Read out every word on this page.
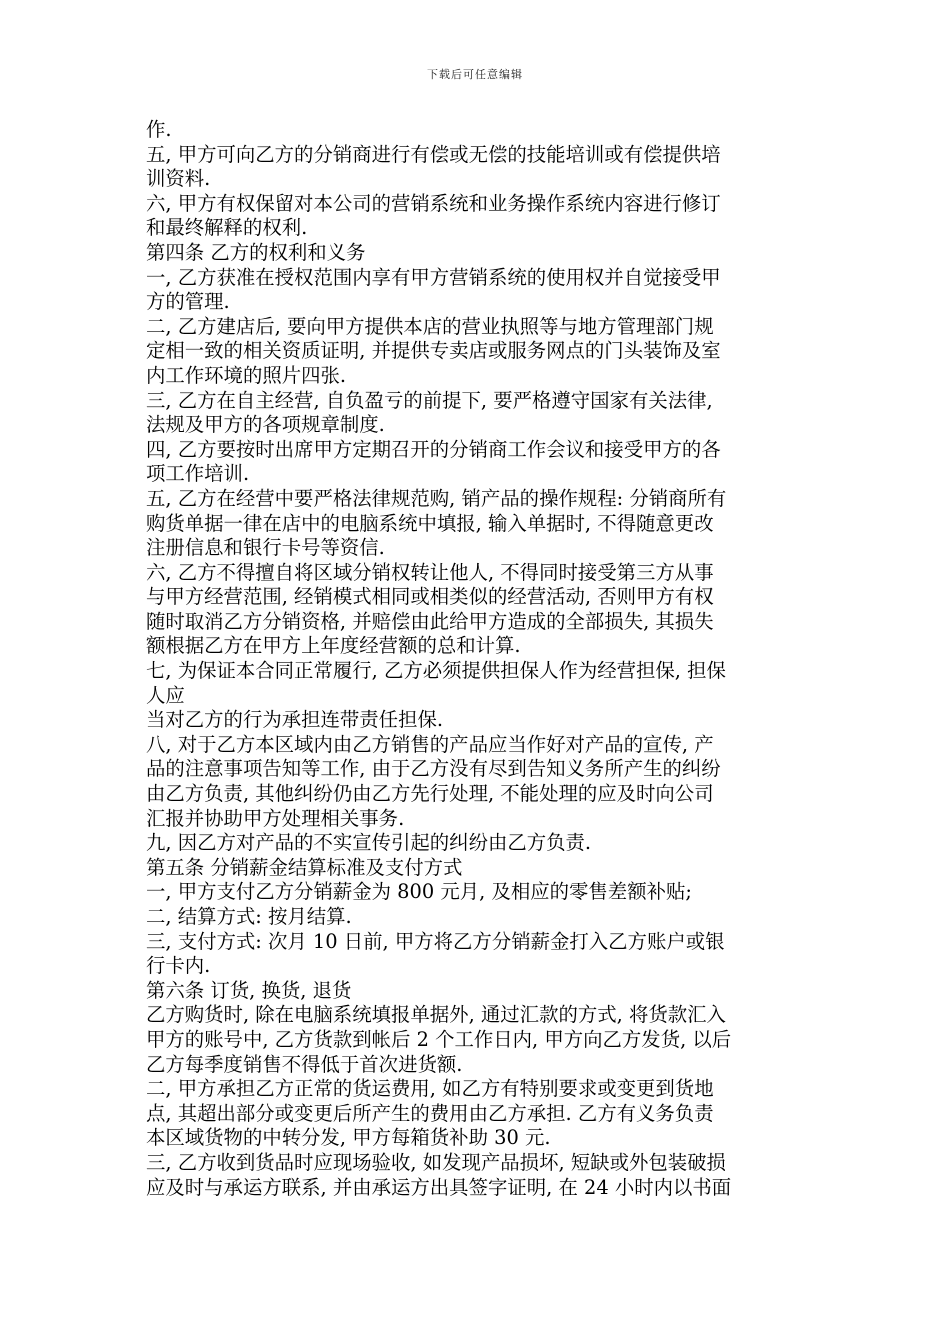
下载后可任意编辑
作.
五, 甲方可向乙方的分销商进行有偿或无偿的技能培训或有偿提供培
训资料.
六, 甲方有权保留对本公司的营销系统和业务操作系统内容进行修订
和最终解释的权利.
第四条 乙方的权利和义务
一, 乙方获准在授权范围内享有甲方营销系统的使用权并自觉接受甲
方的管理.
二, 乙方建店后, 要向甲方提供本店的营业执照等与地方管理部门规
定相一致的相关资质证明, 并提供专卖店或服务网点的门头装饰及室
内工作环境的照片四张.
三, 乙方在自主经营, 自负盈亏的前提下, 要严格遵守国家有关法律,
法规及甲方的各项规章制度.
四, 乙方要按时出席甲方定期召开的分销商工作会议和接受甲方的各
项工作培训.
五, 乙方在经营中要严格法律规范购, 销产品的操作规程: 分销商所有
购货单据一律在店中的电脑系统中填报, 输入单据时, 不得随意更改
注册信息和银行卡号等资信.
六, 乙方不得擅自将区域分销权转让他人, 不得同时接受第三方从事
与甲方经营范围, 经销模式相同或相类似的经营活动, 否则甲方有权
随时取消乙方分销资格, 并赔偿由此给甲方造成的全部损失, 其损失
额根据乙方在甲方上年度经营额的总和计算.
七, 为保证本合同正常履行, 乙方必须提供担保人作为经营担保, 担保
人应
当对乙方的行为承担连带责任担保.
八, 对于乙方本区域内由乙方销售的产品应当作好对产品的宣传, 产
品的注意事项告知等工作, 由于乙方没有尽到告知义务所产生的纠纷
由乙方负责, 其他纠纷仍由乙方先行处理, 不能处理的应及时向公司
汇报并协助甲方处理相关事务.
九, 因乙方对产品的不实宣传引起的纠纷由乙方负责.
第五条 分销薪金结算标准及支付方式
一, 甲方支付乙方分销薪金为 800 元月, 及相应的零售差额补贴;
二, 结算方式: 按月结算.
三, 支付方式: 次月 10 日前, 甲方将乙方分销薪金打入乙方账户或银
行卡内.
第六条 订货, 换货, 退货
乙方购货时, 除在电脑系统填报单据外, 通过汇款的方式, 将货款汇入
甲方的账号中, 乙方货款到帐后 2 个工作日内, 甲方向乙方发货, 以后
乙方每季度销售不得低于首次进货额.
二, 甲方承担乙方正常的货运费用, 如乙方有特别要求或变更到货地
点, 其超出部分或变更后所产生的费用由乙方承担. 乙方有义务负责
本区域货物的中转分发, 甲方每箱货补助 30 元.
三, 乙方收到货品时应现场验收, 如发现产品损坏, 短缺或外包装破损
应及时与承运方联系, 并由承运方出具签字证明, 在 24 小时内以书面
